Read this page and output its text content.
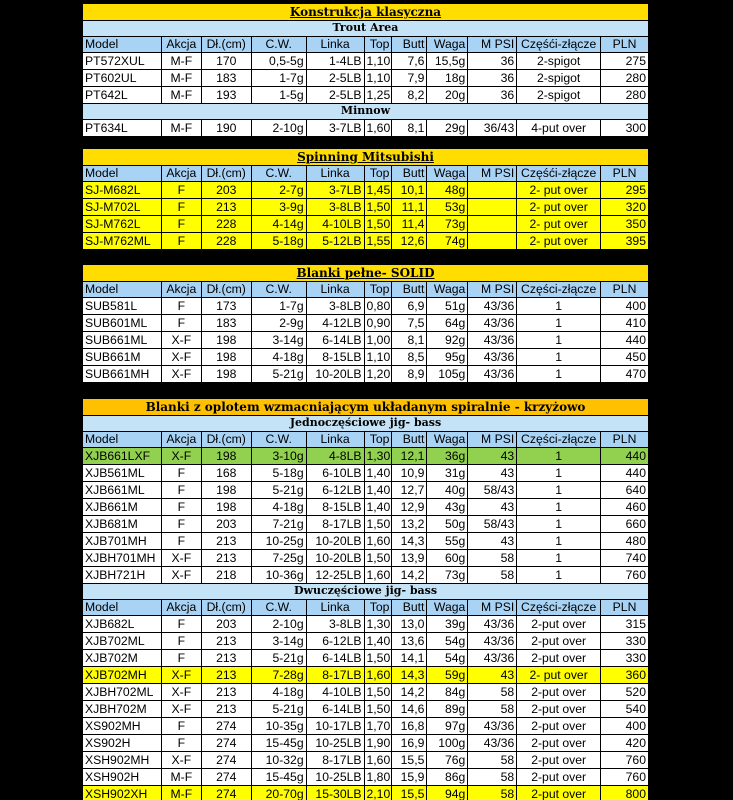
Konstrukcja klasyczna
Trout Area
Model	Akcja Dł.(cm)	C.W.	Linka	Top	Butt Waga	M PSI Częśći-złącze	PLN
PT572XUL	M-F	170	0,5-5g	1-4LB 1,10	7,6 15,5g	36	2-spigot	275
PT602UL	M-F	183	1-7g	2-5LB 1,10	7,9	18g	36	2-spigot	280
PT642L	M-F	193	1-5g	2-5LB 1,25	8,2	20g	36	2-spigot	280
Minnow
PT634L	M-F	190	2-10g	3-7LB 1,60	8,1	29g	36/43	4-put over	300
Spinning Mitsubishi
Model	Akcja Dł.(cm)	C.W.	Linka	Top	Butt Waga	M PSI Częśći-złącze	PLN
SJ-M682L	F	203	2-7g	3-7LB 1,45 10,1	48g	2- put over	295
SJ-M702L	F	213	3-9g	3-8LB 1,50 11,1	53g	2- put over	320
SJ-M762L	F	228	4-14g	4-10LB 1,50 11,4	73g	2- put over	350
SJ-M762ML	F	228	5-18g	5-12LB 1,55 12,6	74g	2- put over	395
Blanki pełne- SOLID
Model	Akcja Dł.(cm)	C.W.	Linka	Top	Butt Waga	M PSI Części-złącze	PLN
SUB581L	F	173	1-7g	3-8LB 0,80	6,9	51g	43/36	1	400
SUB601ML	F	183	2-9g	4-12LB 0,90	7,5	64g	43/36	1	410
SUB661ML	X-F	198	3-14g	6-14LB 1,00	8,1	92g	43/36	1	440
SUB661M	X-F	198	4-18g	8-15LB 1,10	8,5	95g	43/36	1	450
SUB661MH	X-F	198	5-21g 10-20LB 1,20	8,9	105g	43/36	1	470
Blanki z oplotem wzmacniającym układanym spiralnie - krzyżowo
Jednoczęściowe jig- bass
Model	Akcja Dł.(cm)	C.W.	Linka	Top	Butt Waga	M PSI Części-złącze	PLN
XJB661LXF	X-F	198	3-10g	4-8LB 1,30 12,1	36g	43	1	440
XJB561ML	F	168	5-18g	6-10LB 1,40 10,9	31g	43	1	440
XJB661ML	F	198	5-21g	6-12LB 1,40 12,7	40g	58/43	1	640
XJB661M	F	198	4-18g	8-15LB 1,40 12,9	43g	43	1	460
XJB681M	F	203	7-21g	8-17LB 1,50 13,2	50g	58/43	1	660
XJB701MH	F	213	10-25g 10-20LB 1,60 14,3	55g	43	1	480
XJBH701MH	X-F	213	7-25g 10-20LB 1,50 13,9	60g	58	1	740
XJBH721H	X-F	218	10-36g 12-25LB 1,60 14,2	73g	58	1	760
Dwuczęściowe jig- bass
Model	Akcja Dł.(cm)	C.W.	Linka	Top	Butt Waga	M PSI Części-złącze	PLN
XJB682L	F	203	2-10g	3-8LB 1,30 13,0	39g	43/36	2-put over	315
XJB702ML	F	213	3-14g	6-12LB 1,40 13,6	54g	43/36	2-put over	330
XJB702M	F	213	5-21g	6-14LB 1,50 14,1	54g	43/36	2-put over	330
XJB702MH	X-F	213	7-28g	8-17LB 1,60 14,3	59g	43	2- put over	360
XJBH702ML	X-F	213	4-18g	4-10LB 1,50 14,2	84g	58	2-put over	520
XJBH702M	X-F	213	5-21g	6-14LB 1,50 14,6	89g	58	2-put over	540
XS902MH	F	274	10-35g 10-17LB 1,70 16,8	97g	43/36	2-put over	400
XS902H	F	274	15-45g 10-25LB 1,90 16,9	100g	43/36	2-put over	420
XSH902MH	X-F	274	10-32g	8-17LB 1,60 15,5	76g	58	2-put over	760
XSH902H	M-F	274	15-45g 10-25LB 1,80 15,9	86g	58	2-put over	760
XSH902XH	M-F	274	20-70g 15-30LB 2,10 15,5	94g	58	2-put over	800
